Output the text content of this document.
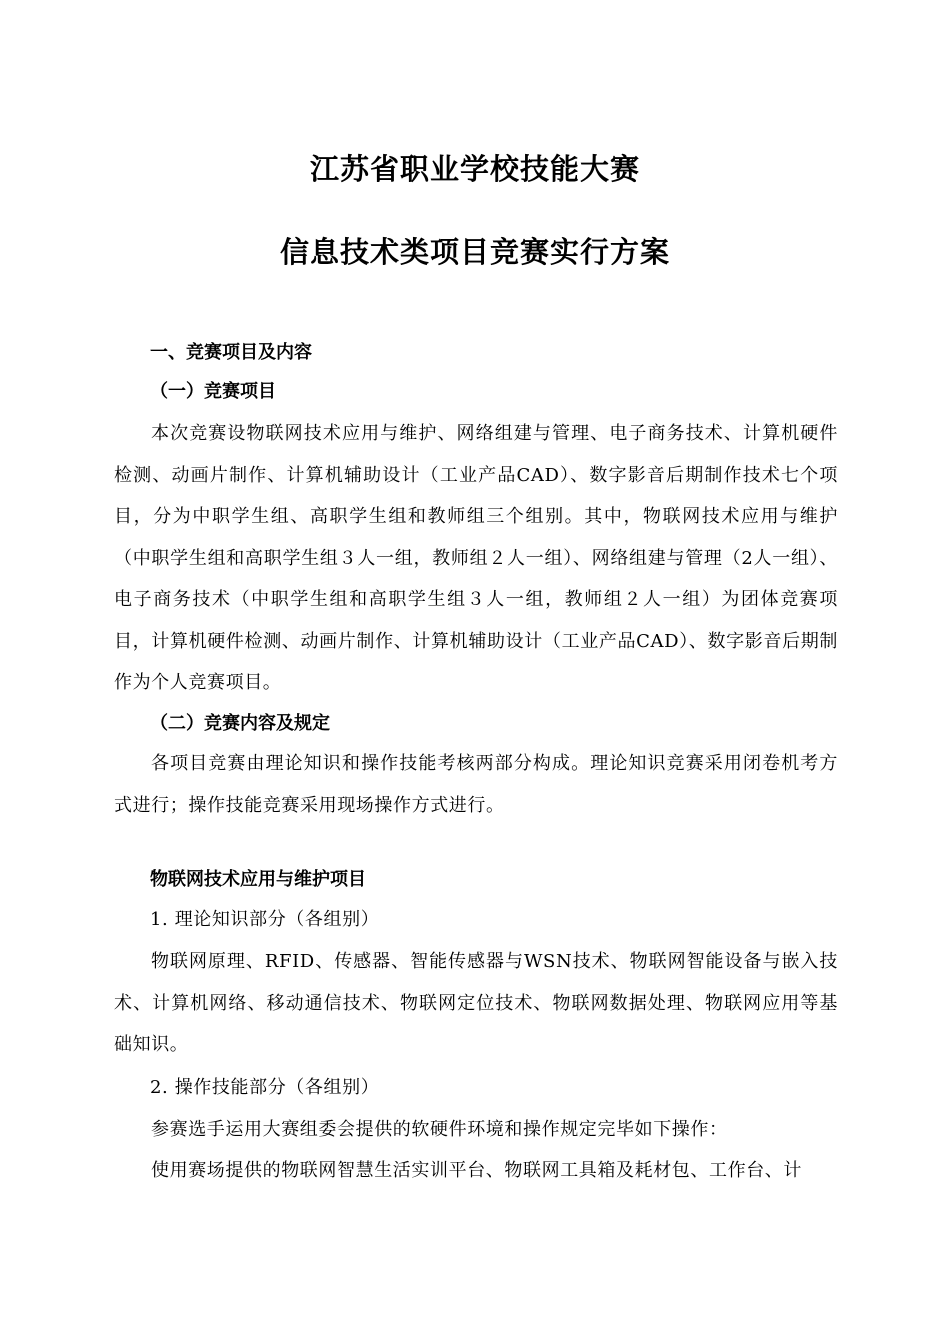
江苏省职业学校技能大赛
信息技术类项目竞赛实行方案
一、竞赛项目及内容
（一）竞赛项目
本次竞赛设物联网技术应用与维护、网络组建与管理、电子商务技术、计算机硬件检测、动画片制作、计算机辅助设计（工业产品CAD）、数字影音后期制作技术七个项目，分为中职学生组、高职学生组和教师组三个组别。其中，物联网技术应用与维护（中职学生组和高职学生组３人一组，教师组２人一组）、网络组建与管理（2人一组）、电子商务技术（中职学生组和高职学生组３人一组，教师组２人一组）为团体竞赛项目，计算机硬件检测、动画片制作、计算机辅助设计（工业产品CAD）、数字影音后期制作为个人竞赛项目。
（二）竞赛内容及规定
各项目竞赛由理论知识和操作技能考核两部分构成。理论知识竞赛采用闭卷机考方式进行；操作技能竞赛采用现场操作方式进行。
物联网技术应用与维护项目
1. 理论知识部分（各组别）
物联网原理、RFID、传感器、智能传感器与WSN技术、物联网智能设备与嵌入技术、计算机网络、移动通信技术、物联网定位技术、物联网数据处理、物联网应用等基础知识。
2. 操作技能部分（各组别）
参赛选手运用大赛组委会提供的软硬件环境和操作规定完毕如下操作：
使用赛场提供的物联网智慧生活实训平台、物联网工具箱及耗材包、工作台、计
